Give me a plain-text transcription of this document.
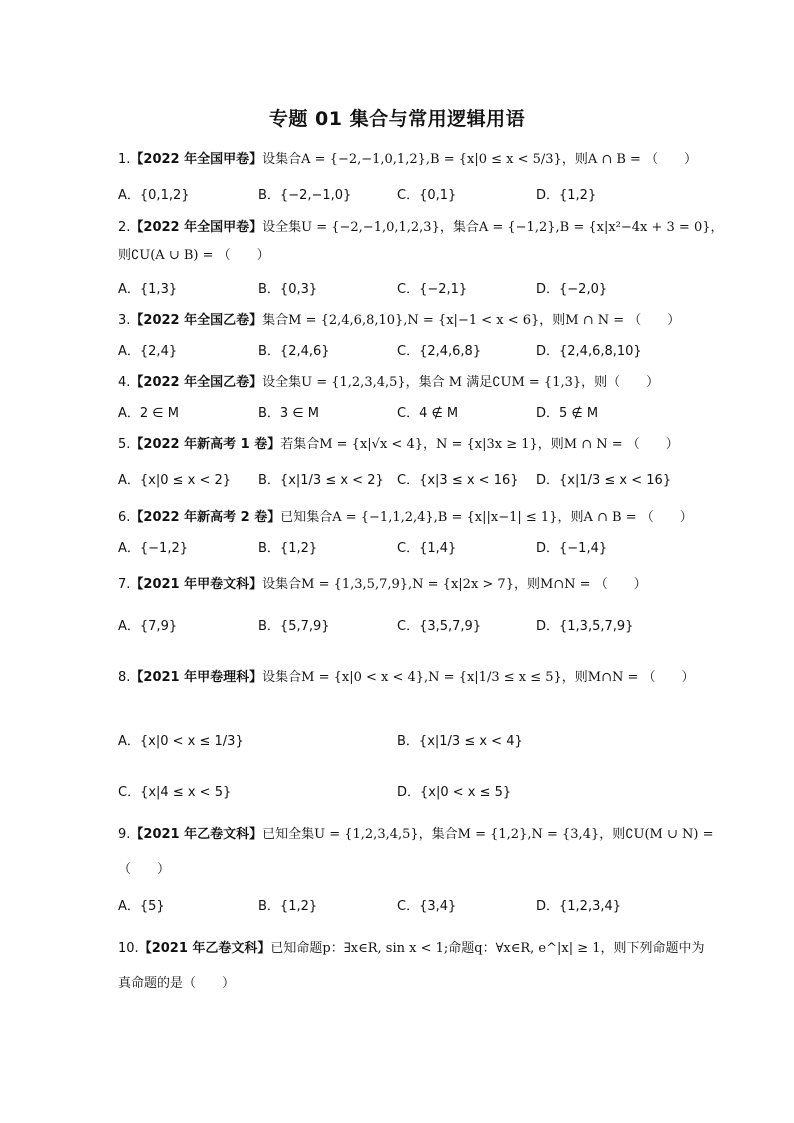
专题 01 集合与常用逻辑用语
1.【2022 年全国甲卷】设集合A = {−2,−1,0,1,2},B = {x|0 ≤ x < 5/3}，则A ∩ B = （　　）
A．{0,1,2}	B．{−2,−1,0}	C．{0,1}	D．{1,2}
2.【2022 年全国甲卷】设全集U = {−2,−1,0,1,2,3}，集合A = {−1,2},B = {x|x²−4x + 3 = 0}，
则∁U(A ∪ B) = （　　）
A．{1,3}	B．{0,3}	C．{−2,1}	D．{−2,0}
3.【2022 年全国乙卷】集合M = {2,4,6,8,10},N = {x|−1 < x < 6}，则M ∩ N = （　　）
A．{2,4}	B．{2,4,6}	C．{2,4,6,8}	D．{2,4,6,8,10}
4.【2022 年全国乙卷】设全集U = {1,2,3,4,5}，集合 M 满足∁UM = {1,3}，则（　　）
A．2 ∈ M	B．3 ∈ M	C．4 ∉ M	D．5 ∉ M
5.【2022 年新高考 1 卷】若集合M = {x|√x < 4}，N = {x|3x ≥ 1}，则M ∩ N = （　　）
A．{x|0 ≤ x < 2} B．{x|1/3 ≤ x < 2} C．{x|3 ≤ x < 16} D．{x|1/3 ≤ x < 16}
6.【2022 年新高考 2 卷】已知集合A = {−1,1,2,4},B = {x||x−1| ≤ 1}，则A ∩ B = （　　）
A．{−1,2}	B．{1,2}	C．{1,4}	D．{−1,4}
7.【2021 年甲卷文科】设集合M = {1,3,5,7,9},N = {x|2x > 7}，则M∩N = （　　）
A．{7,9}	B．{5,7,9}	C．{3,5,7,9}	D．{1,3,5,7,9}
8.【2021 年甲卷理科】设集合M = {x|0 < x < 4},N = {x|1/3 ≤ x ≤ 5}，则M∩N = （　　）
A．{x|0 < x ≤ 1/3}	B．{x|1/3 ≤ x < 4}
C．{x|4 ≤ x < 5}	D．{x|0 < x ≤ 5}
9.【2021 年乙卷文科】已知全集U = {1,2,3,4,5}，集合M = {1,2},N = {3,4}，则∁U(M ∪ N) =
（　　）
A．{5}	B．{1,2}	C．{3,4}	D．{1,2,3,4}
10.【2021 年乙卷文科】已知命题p：∃x∈R, sin x < 1;命题q：∀x∈R, e^|x| ≥ 1，则下列命题中为
真命题的是（　　）
